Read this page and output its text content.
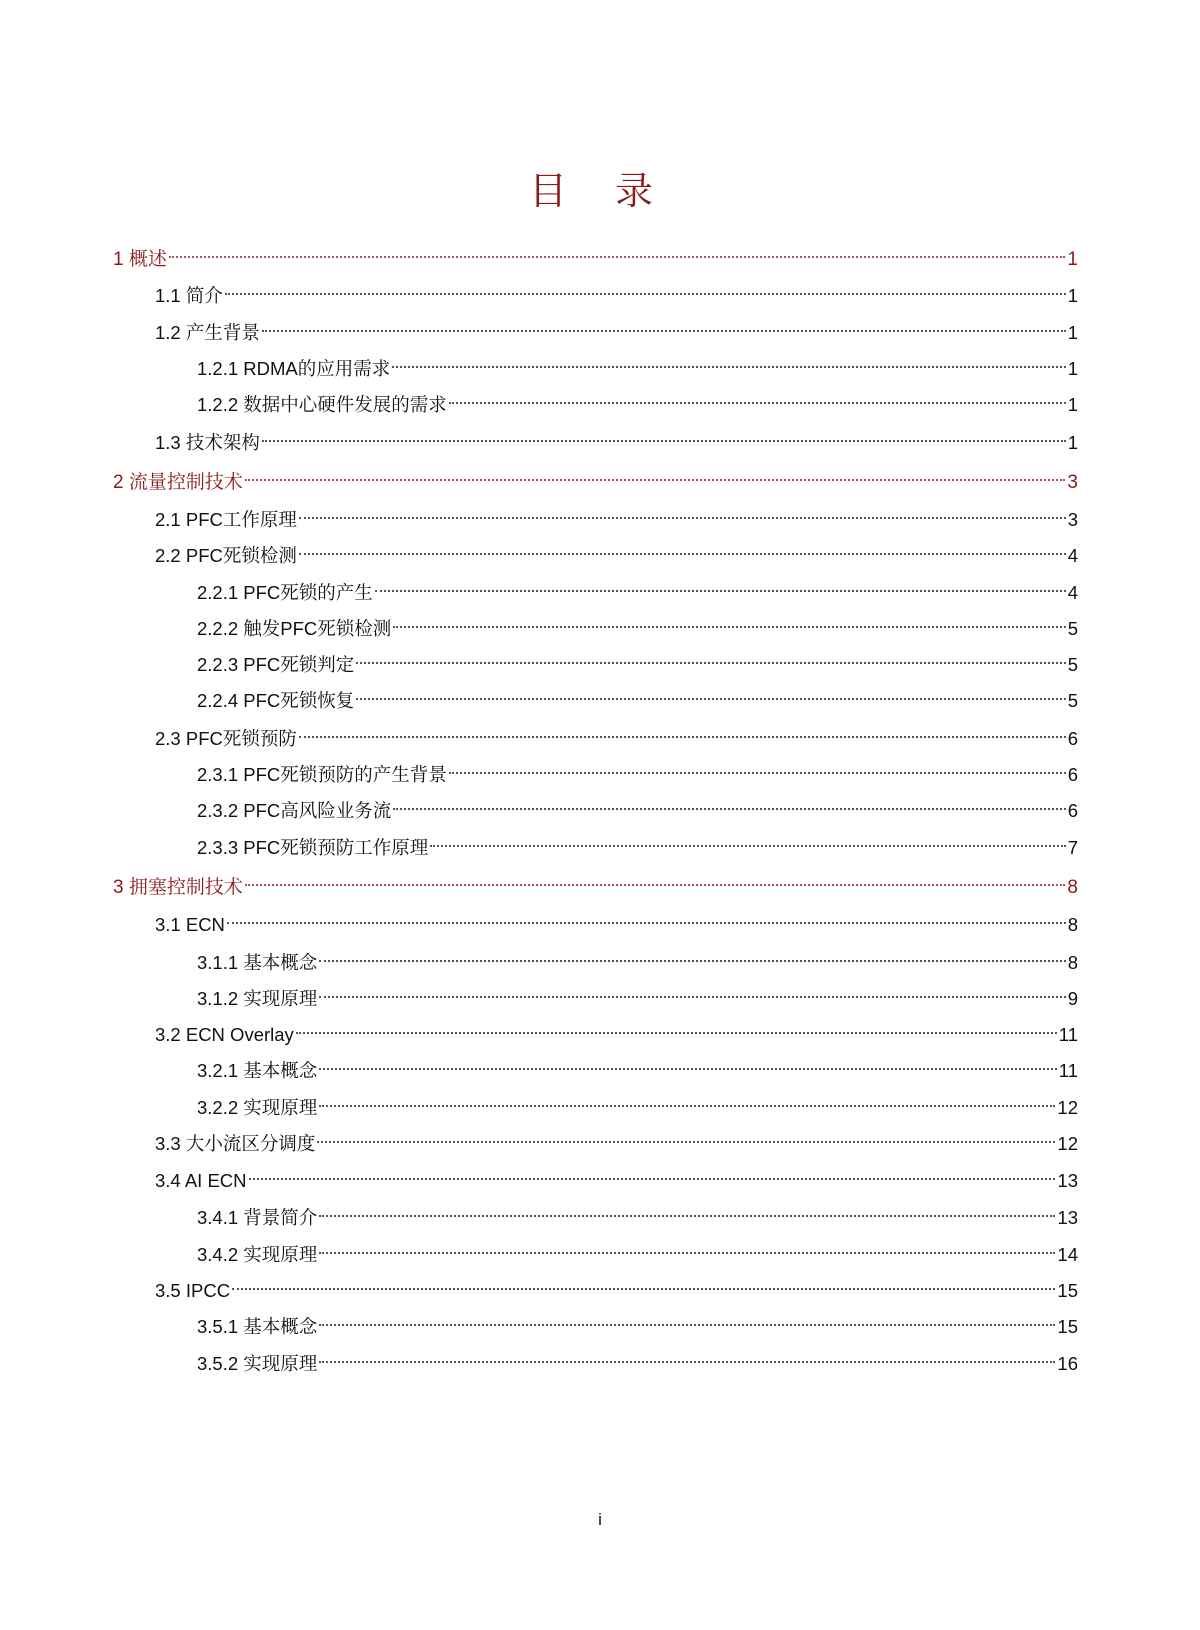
目 录
1 概述	1
1.1 简介	1
1.2 产生背景	1
1.2.1 RDMA的应用需求	1
1.2.2 数据中心硬件发展的需求	1
1.3 技术架构	1
2 流量控制技术	3
2.1 PFC工作原理	3
2.2 PFC死锁检测	4
2.2.1 PFC死锁的产生	4
2.2.2 触发PFC死锁检测	5
2.2.3 PFC死锁判定	5
2.2.4 PFC死锁恢复	5
2.3 PFC死锁预防	6
2.3.1 PFC死锁预防的产生背景	6
2.3.2 PFC高风险业务流	6
2.3.3 PFC死锁预防工作原理	7
3 拥塞控制技术	8
3.1 ECN	8
3.1.1 基本概念	8
3.1.2 实现原理	9
3.2 ECN Overlay	11
3.2.1 基本概念	11
3.2.2 实现原理	12
3.3 大小流区分调度	12
3.4 AI ECN	13
3.4.1 背景简介	13
3.4.2 实现原理	14
3.5 IPCC	15
3.5.1 基本概念	15
3.5.2 实现原理	16
i
